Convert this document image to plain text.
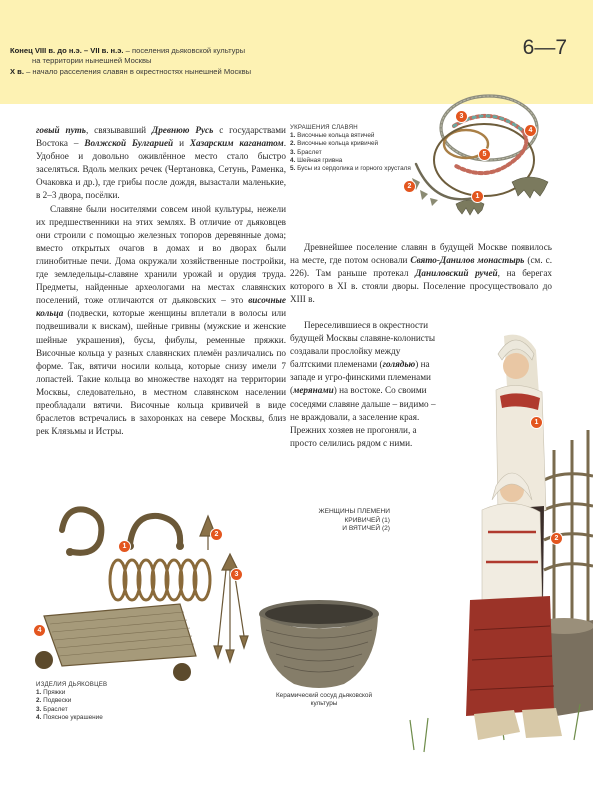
Конец VIII в. до н.э. – VII в. н.э. – поселения дьяковской культуры
на территории нынешней Москвы
X в. – начало расселения славян в окрестностях нынешней Москвы
6—7

говый путь, связывавший Древнюю Русь с государствами Востока – Волжской Булгарией и Хазарским каганатом. Удобное и довольно оживлённое место стало быстро заселяться. Вдоль мелких речек (Чертановка, Сетунь, Раменка, Очаковка и др.), где грибы после дождя, вызастали маленькие, в 2–3 двора, посёлки.

Славяне были носителями совсем иной культуры, нежели их предшественники на этих землях. В отличие от дьяковцев они строили с помощью железных топоров деревянные дома; вместо открытых очагов в домах и во дворах были глинобитные печи. Дома окружали хозяйственные постройки, где земледельцы-славяне хранили урожай и орудия труда. Предметы, найденные археологами на местах славянских поселений, тоже отличаются от дьяковских – это височные кольца (подвески, которые женщины вплетали в волосы или подвешивали к вискам), шейные гривны (мужские и женские шейные украшения), бусы, фибулы, ременные пряжки. Височные кольца у разных славянских племён различались по форме. Так, вятичи носили кольца, которые снизу имели 7 лопастей. Такие кольца во множестве находят на территории Москвы, следовательно, в местном славянском населении преобладали вятичи. Височные кольца кривичей в виде браслетов встречались в захоронках на севере Москвы, близ рек Клязьмы и Истры.

Древнейшее поселение славян в будущей Москве появилось на месте, где потом основали Свято-Данилов монастырь (см. с. 226). Там раньше протекал Даниловский ручей, на берегах которого в XI в. стояли дворы. Поселение просуществовало до XIII в.

Переселившиеся в окрестности будущей Москвы славяне-колонисты создавали прослойку между балтскими племенами (голядью) на западе и угро-финскими племенами (мерянами) на востоке. Со своими соседями славяне дальше – видимо – не враждовали, а заселение края. Прежних хозяев не прогоняли, а просто селились рядом с ними.

УКРАШЕНИЯ СЛАВЯН
1. Височные кольца вятичей
2. Височные кольца кривичей
3. Браслет
4. Шейная гривна
5. Бусы из сердолика и горного хрусталя
3
4
5
2
1
1
2
3
4
ИЗДЕЛИЯ ДЬЯКОВЦЕВ
1. Пряжки
2. Подвески
3. Браслет
4. Поясное украшение
Керамический сосуд дьяковской культуры
ЖЕНЩИНЫ ПЛЕМЕНИ
КРИВИЧЕЙ (1)
И ВЯТИЧЕЙ (2)
1
2
